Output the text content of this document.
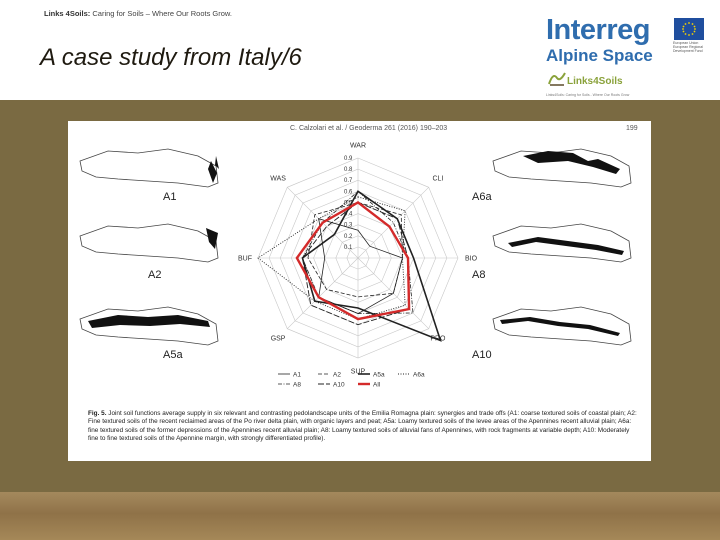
Links 4Soils: Caring for Soils – Where Our Roots Grow.
A case study from Italy/6
Interreg
Alpine Space
European Union European Regional Development Fund
Links4Soils
Links4Soils: Caring for Soils - Where Our Roots Grow
A1
A2
A5a
A6a
A8
A10
WAR
CLI
BIO
PRO
SUP
GSP
BUF
WAS
0.1
0.2
0.3
0.4
0.5
0.6
0.7
0.8
0.9
A1	A2	A5a	A6a
A8	A10	All
C. Calzolari et al. / Geoderma 261 (2016) 190–203	199
Fig. 5. Joint soil functions average supply in six relevant and contrasting pedolandscape units of the Emilia Romagna plain: synergies and trade offs (A1: coarse textured soils of coastal plain; A2: Fine textured soils of the recent reclaimed areas of the Po river delta plain, with organic layers and peat; A5a: Loamy textured soils of the levee areas of the Apennines recent alluvial plain; A6a: fine textured soils of the former depressions of the Apennines recent alluvial plain; A8: Loamy textured soils of alluvial fans of Apennines, with rock fragments at variable depth; A10: Moderately fine to fine textured soils of the Apennine margin, with strongly differentiated profile).
